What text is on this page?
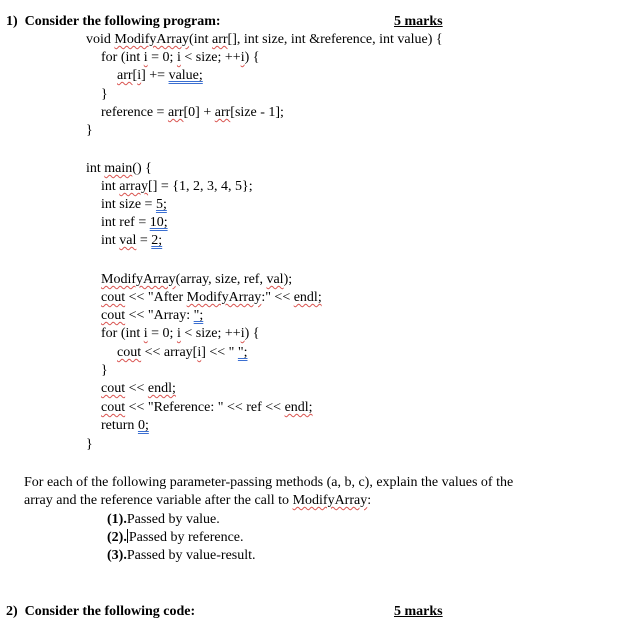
1)  Consider the following program:	5 marks
void ModifyArray(int arr[], int size, int &reference, int value) {
for (int i = 0; i < size; ++i) {
arr[i] += value;
}
reference = arr[0] + arr[size - 1];
}
int main() {
int array[] = {1, 2, 3, 4, 5};
int size = 5;
int ref = 10;
int val = 2;
ModifyArray(array, size, ref, val);
cout << "After ModifyArray:" << endl;
cout << "Array: ";
for (int i = 0; i < size; ++i) {
cout << array[i] << " ";
}
cout << endl;
cout << "Reference: " << ref << endl;
return 0;
}
For each of the following parameter-passing methods (a, b, c), explain the values of the
array and the reference variable after the call to ModifyArray:
(1).Passed by value.
(2). Passed by reference.
(3).Passed by value-result.
2)  Consider the following code:	5 marks
